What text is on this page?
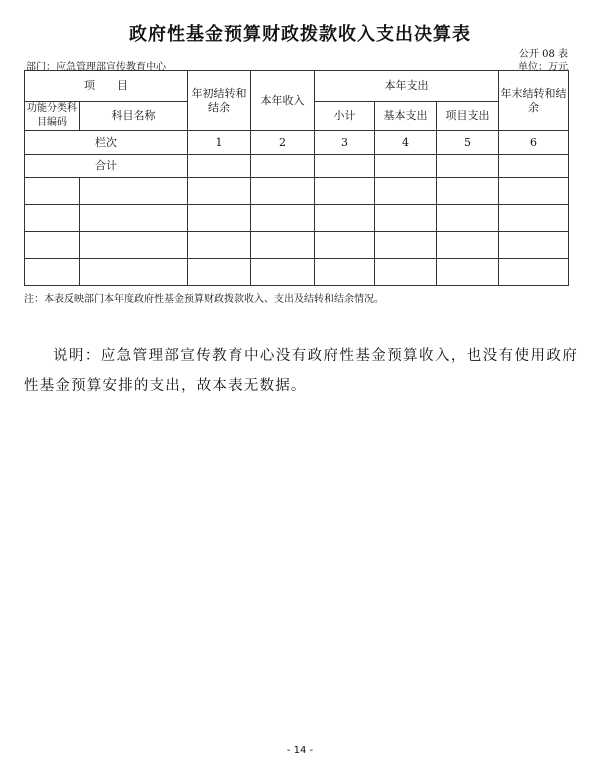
政府性基金预算财政拨款收入支出决算表
公开 08 表
部门：应急管理部宣传教育中心	单位：万元
项　　目		年初结转和结余	本年收入	本年支出			年末结转和结余
功能分类科目编码	科目名称			小计	基本支出	项目支出	
栏次		1	2	3	4	5	6
合计							

注：本表反映部门本年度政府性基金预算财政拨款收入、支出及结转和结余情况。
说明：应急管理部宣传教育中心没有政府性基金预算收入，也没有使用政府性基金预算安排的支出，故本表无数据。
- 14 -
